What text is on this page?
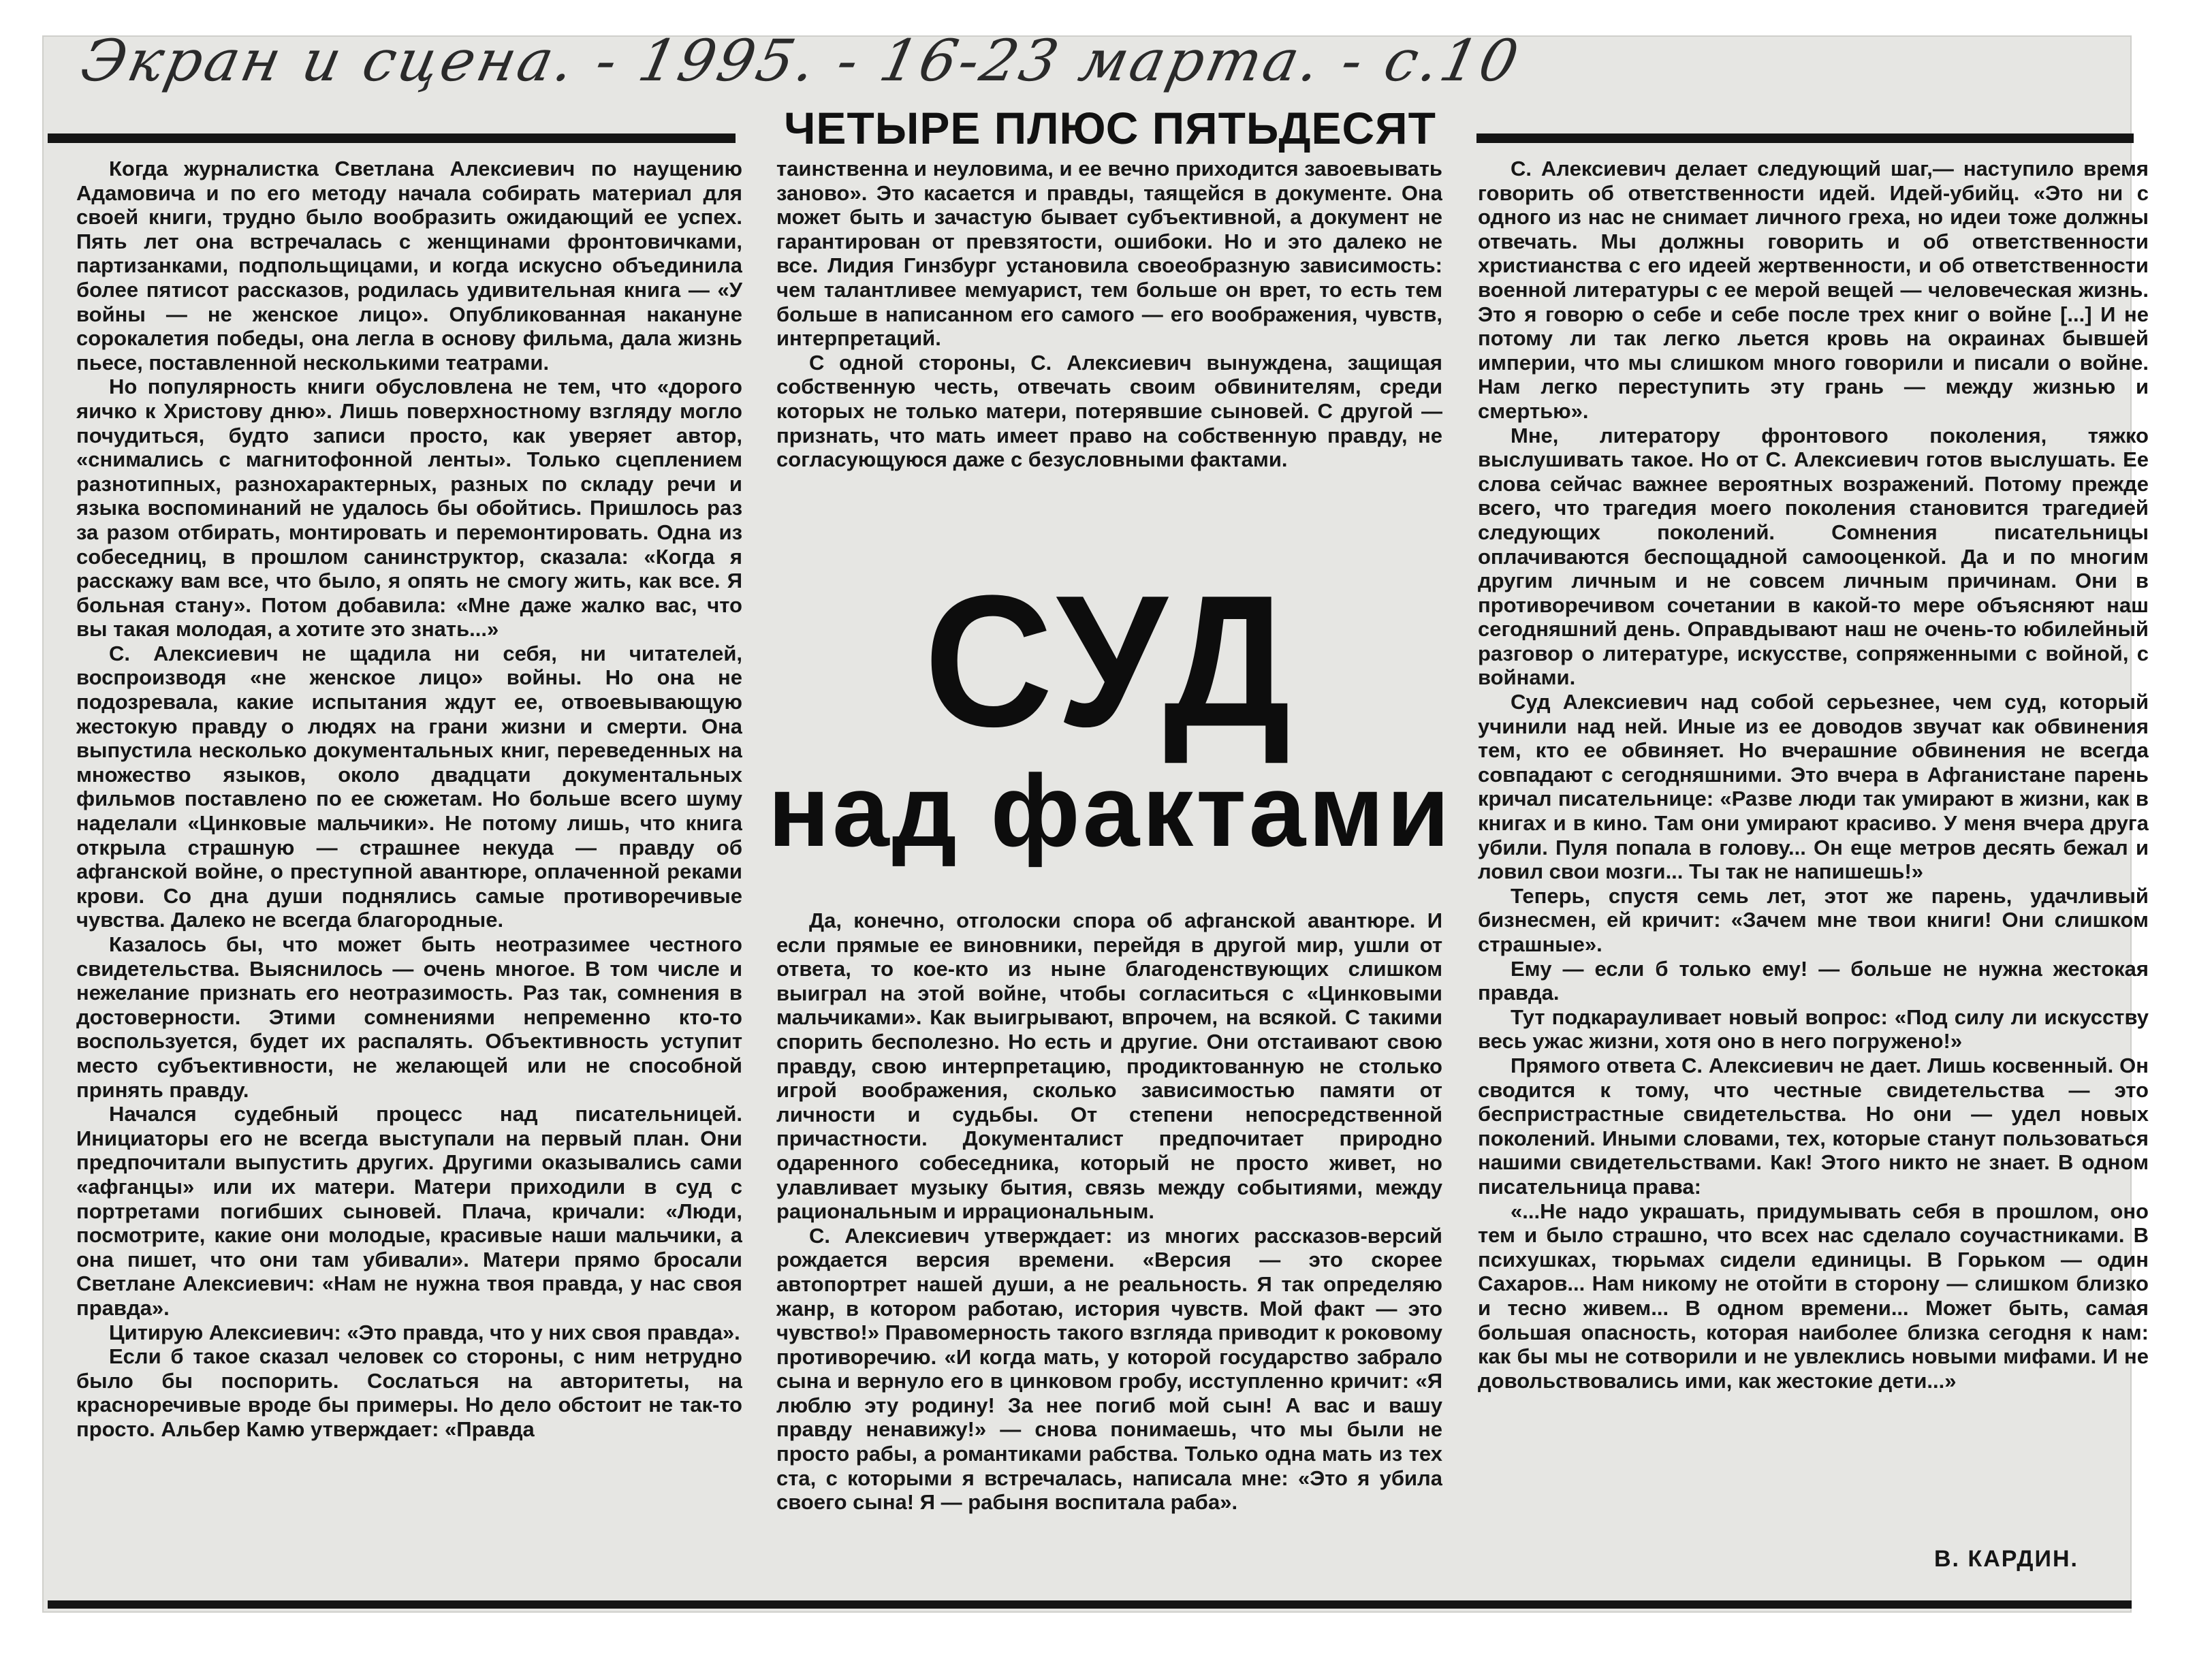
Экран и сцена. - 1995. - 16-23 марта. - с.10
ЧЕТЫРЕ ПЛЮС ПЯТЬДЕСЯТ

Когда журналистка Светлана Алексиевич по наущению Адамовича и по его методу начала собирать материал для своей книги, трудно было вообразить ожидающий ее успех. Пять лет она встречалась с женщинами фронтовичками, партизанками, подпольщицами, и когда искусно объединила более пятисот рассказов, родилась удивительная книга — «У войны — не женское лицо». Опубликованная накануне сорокалетия победы, она легла в основу фильма, дала жизнь пьесе, поставленной несколькими театрами.

Но популярность книги обусловлена не тем, что «дорого яичко к Христову дню». Лишь поверхностному взгляду могло почудиться, будто записи просто, как уверяет автор, «снимались с магнитофонной ленты». Только сцеплением разнотипных, разнохарактерных, разных по складу речи и языка воспоминаний не удалось бы обойтись. Пришлось раз за разом отбирать, монтировать и перемонтировать. Одна из собеседниц, в прошлом санинструктор, сказала: «Когда я расскажу вам все, что было, я опять не смогу жить, как все. Я больная стану». Потом добавила: «Мне даже жалко вас, что вы такая молодая, а хотите это знать...»

С. Алексиевич не щадила ни себя, ни читателей, воспроизводя «не женское лицо» войны. Но она не подозревала, какие испытания ждут ее, отвоевывающую жестокую правду о людях на грани жизни и смерти. Она выпустила несколько документальных книг, переведенных на множество языков, около двадцати документальных фильмов поставлено по ее сюжетам. Но больше всего шуму наделали «Цинковые мальчики». Не потому лишь, что книга открыла страшную — страшнее некуда — правду об афганской войне, о преступной авантюре, оплаченной реками крови. Со дна души поднялись самые противоречивые чувства. Далеко не всегда благородные.

Казалось бы, что может быть неотразимее честного свидетельства. Выяснилось — очень многое. В том числе и нежелание признать его неотразимость. Раз так, сомнения в достоверности. Этими сомнениями непременно кто-то воспользуется, будет их распалять. Объективность уступит место субъективности, не желающей или не способной принять правду.

Начался судебный процесс над писательницей. Инициаторы его не всегда выступали на первый план. Они предпочитали выпустить других. Другими оказывались сами «афганцы» или их матери. Матери приходили в суд с портретами погибших сыновей. Плача, кричали: «Люди, посмотрите, какие они молодые, красивые наши мальчики, а она пишет, что они там убивали». Матери прямо бросали Светлане Алексиевич: «Нам не нужна твоя правда, у нас своя правда».

Цитирую Алексиевич: «Это правда, что у них своя правда».

Если б такое сказал человек со стороны, с ним нетрудно было бы поспорить. Сослаться на авторитеты, на красноречивые вроде бы примеры. Но дело обстоит не так-то просто. Альбер Камю утверждает: «Правда

таинственна и неуловима, и ее вечно приходится завоевывать заново». Это касается и правды, таящейся в документе. Она может быть и зачастую бывает субъективной, а документ не гарантирован от превзятости, ошибоки. Но и это далеко не все. Лидия Гинзбург установила своеобразную зависимость: чем талантливее мемуарист, тем больше он врет, то есть тем больше в написанном его самого — его воображения, чувств, интерпретаций.

С одной стороны, С. Алексиевич вынуждена, защищая собственную честь, отвечать своим обвинителям, среди которых не только матери, потерявшие сыновей. С другой — признать, что мать имеет право на собственную правду, не согласующуюся даже с безусловными фактами.

СУД
над фактами

Да, конечно, отголоски спора об афганской авантюре. И если прямые ее виновники, перейдя в другой мир, ушли от ответа, то кое-кто из ныне благоденствующих слишком выиграл на этой войне, чтобы согласиться с «Цинковыми мальчиками». Как выигрывают, впрочем, на всякой. С такими спорить бесполезно. Но есть и другие. Они отстаивают свою правду, свою интерпретацию, продиктованную не столько игрой воображения, сколько зависимостью памяти от личности и судьбы. От степени непосредственной причастности. Документалист предпочитает природно одаренного собеседника, который не просто живет, но улавливает музыку бытия, связь между событиями, между рациональным и иррациональным.

С. Алексиевич утверждает: из многих рассказов-версий рождается версия времени. «Версия — это скорее автопортрет нашей души, а не реальность. Я так определяю жанр, в котором работаю, история чувств. Мой факт — это чувство!» Правомерность такого взгляда приводит к роковому противоречию. «И когда мать, у которой государство забрало сына и вернуло его в цинковом гробу, исступленно кричит: «Я люблю эту родину! За нее погиб мой сын! А вас и вашу правду ненавижу!» — снова понимаешь, что мы были не просто рабы, а романтиками рабства. Только одна мать из тех ста, с которыми я встречалась, написала мне: «Это я убила своего сына! Я — рабыня воспитала раба».

С. Алексиевич делает следующий шаг,— наступило время говорить об ответственности идей. Идей-убийц. «Это ни с одного из нас не снимает личного греха, но идеи тоже должны отвечать. Мы должны говорить и об ответственности христианства с его идеей жертвенности, и об ответственности военной литературы с ее мерой вещей — человеческая жизнь. Это я говорю о себе и себе после трех книг о войне [...] И не потому ли так легко льется кровь на окраинах бывшей империи, что мы слишком много говорили и писали о войне. Нам легко переступить эту грань — между жизнью и смертью».

Мне, литератору фронтового поколения, тяжко выслушивать такое. Но от С. Алексиевич готов выслушать. Ее слова сейчас важнее вероятных возражений. Потому прежде всего, что трагедия моего поколения становится трагедией следующих поколений. Сомнения писательницы оплачиваются беспощадной самооценкой. Да и по многим другим личным и не совсем личным причинам. Они в противоречивом сочетании в какой-то мере объясняют наш сегодняшний день. Оправдывают наш не очень-то юбилейный разговор о литературе, искусстве, сопряженными с войной, с войнами.

Суд Алексиевич над собой серьезнее, чем суд, который учинили над ней. Иные из ее доводов звучат как обвинения тем, кто ее обвиняет. Но вчерашние обвинения не всегда совпадают с сегодняшними. Это вчера в Афганистане парень кричал писательнице: «Разве люди так умирают в жизни, как в книгах и в кино. Там они умирают красиво. У меня вчера друга убили. Пуля попала в голову... Он еще метров десять бежал и ловил свои мозги... Ты так не напишешь!»

Теперь, спустя семь лет, этот же парень, удачливый бизнесмен, ей кричит: «Зачем мне твои книги! Они слишком страшные».

Ему — если б только ему! — больше не нужна жестокая правда.

Тут подкарауливает новый вопрос: «Под силу ли искусству весь ужас жизни, хотя оно в него погружено!»

Прямого ответа С. Алексиевич не дает. Лишь косвенный. Он сводится к тому, что честные свидетельства — это беспристрастные свидетельства. Но они — удел новых поколений. Иными словами, тех, которые станут пользоваться нашими свидетельствами. Как! Этого никто не знает. В одном писательница права:

«...Не надо украшать, придумывать себя в прошлом, оно тем и было страшно, что всех нас сделало соучастниками. В психушках, тюрьмах сидели единицы. В Горьком — один Сахаров... Нам никому не отойти в сторону — слишком близко и тесно живем... В одном времени... Может быть, самая большая опасность, которая наиболее близка сегодня к нам: как бы мы не сотворили и не увлеклись новыми мифами. И не довольствовались ими, как жестокие дети...»

В. КАРДИН.
